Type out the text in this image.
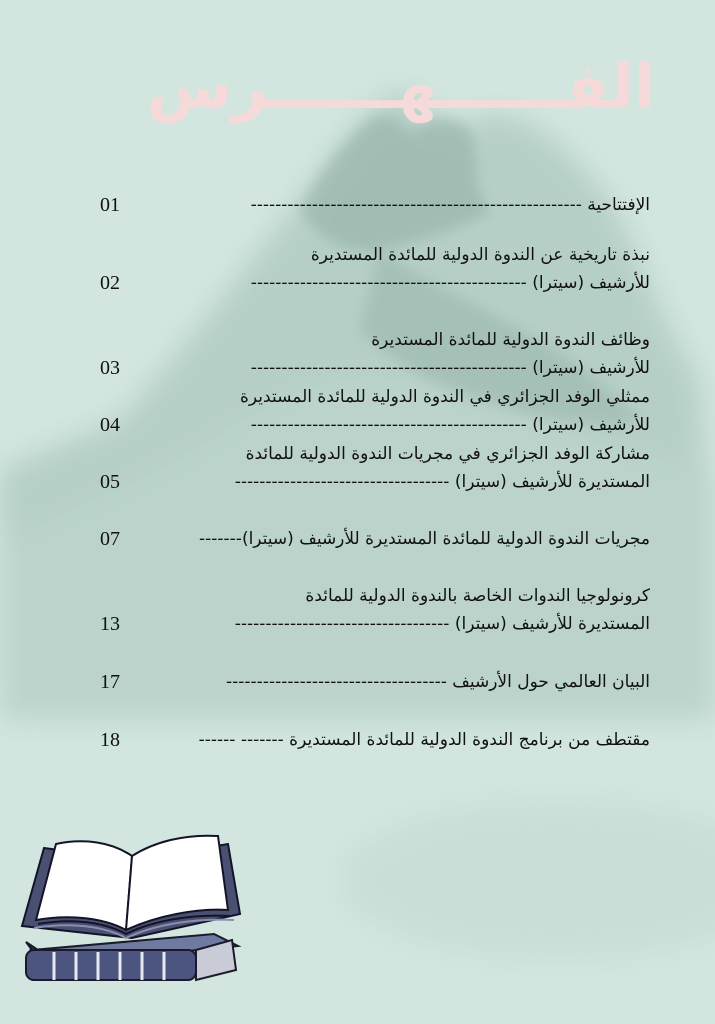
الفــــــهــــــرس
الإفتتاحية ------------------------------------------------------
01
نبذة تاريخية عن الندوة الدولية للمائدة المستديرة
للأرشيف (سيترا) ---------------------------------------------
02
وظائف الندوة الدولية للمائدة المستديرة
للأرشيف (سيترا) ---------------------------------------------
03
ممثلي الوفد الجزائري في الندوة الدولية للمائدة المستديرة
للأرشيف (سيترا) ---------------------------------------------
04
مشاركة الوفد الجزائري في مجريات الندوة الدولية للمائدة
المستديرة للأرشيف (سيترا) -----------------------------------
05
مجريات الندوة الدولية للمائدة المستديرة للأرشيف (سيترا)-------
07
كرونولوجيا الندوات الخاصة بالندوة الدولية للمائدة
المستديرة للأرشيف (سيترا) -----------------------------------
13
البيان العالمي حول الأرشيف ------------------------------------
17
مقتطف من برنامج الندوة الدولية للمائدة المستديرة ------- ------
18
